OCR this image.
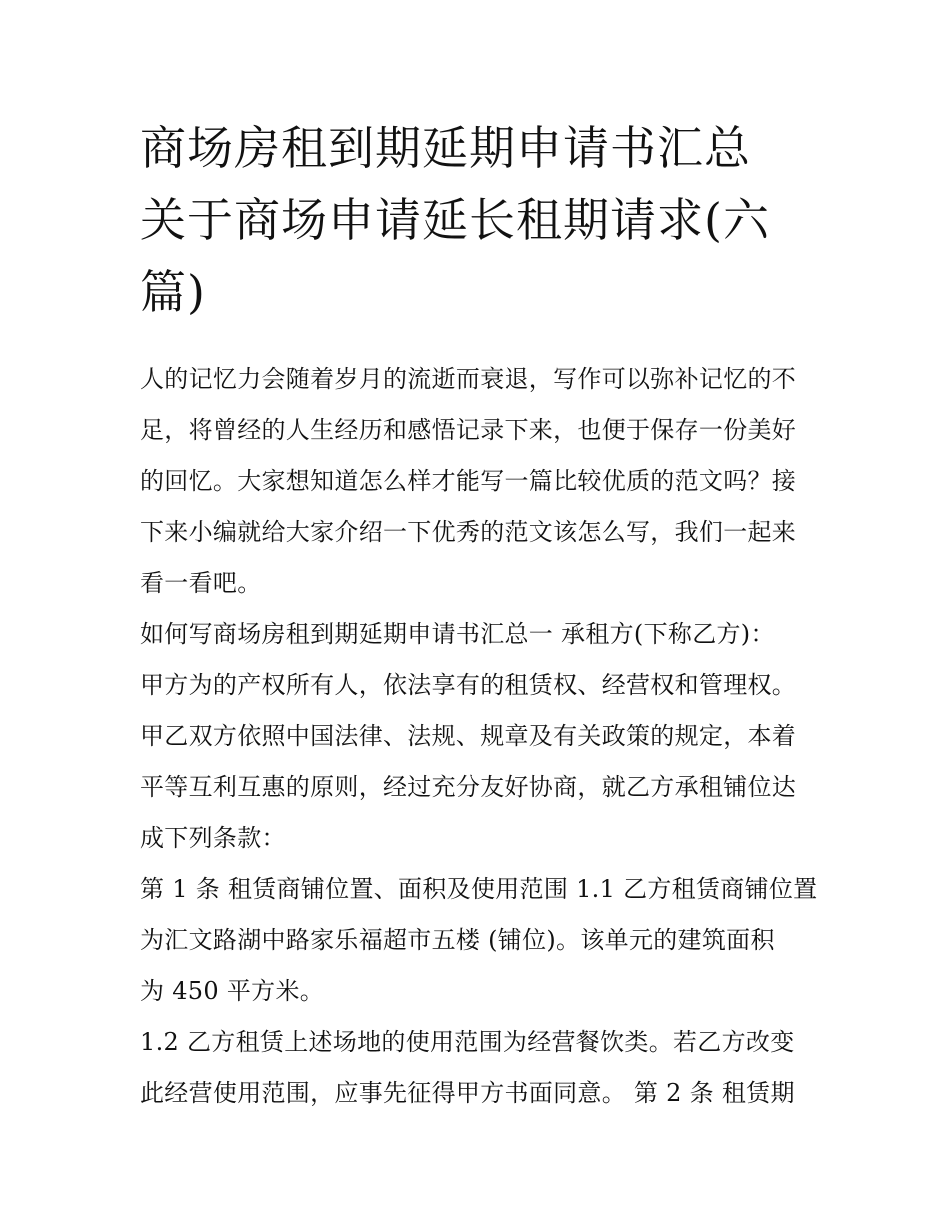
商场房租到期延期申请书汇总
关于商场申请延长租期请求(六
篇)
人的记忆力会随着岁月的流逝而衰退，写作可以弥补记忆的不
足，将曾经的人生经历和感悟记录下来，也便于保存一份美好
的回忆。大家想知道怎么样才能写一篇比较优质的范文吗？接
下来小编就给大家介绍一下优秀的范文该怎么写，我们一起来
看一看吧。
如何写商场房租到期延期申请书汇总一 承租方(下称乙方)：
甲方为的产权所有人，依法享有的租赁权、经营权和管理权。
甲乙双方依照中国法律、法规、规章及有关政策的规定，本着
平等互利互惠的原则，经过充分友好协商，就乙方承租铺位达
成下列条款：
第 1 条 租赁商铺位置、面积及使用范围 1.1 乙方租赁商铺位置
为汇文路湖中路家乐福超市五楼 (铺位)。该单元的建筑面积
为 450 平方米。
1.2 乙方租赁上述场地的使用范围为经营餐饮类。若乙方改变
此经营使用范围，应事先征得甲方书面同意。 第 2 条 租赁期
